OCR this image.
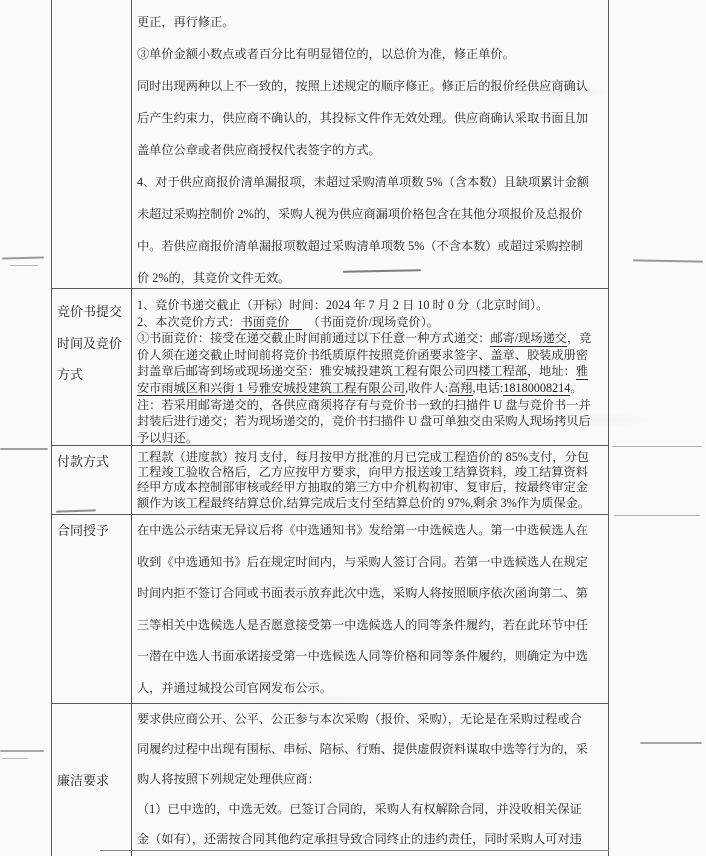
更正，再行修正。
③单价金额小数点或者百分比有明显错位的，以总价为准，修正单价。
同时出现两种以上不一致的，按照上述规定的顺序修正。修正后的报价经供应商确认
后产生约束力，供应商不确认的，其投标文件作无效处理。供应商确认采取书面且加
盖单位公章或者供应商授权代表签字的方式。
4、对于供应商报价清单漏报项，未超过采购清单项数 5%（含本数）且缺项累计金额
未超过采购控制价 2%的，采购人视为供应商漏项价格包含在其他分项报价及总报价
中。若供应商报价清单漏报项数超过采购清单项数 5%（不含本数）或超过采购控制
价 2%的，其竞价文件无效。
竞价书提交
时间及竞价
方式
1、竞价书递交截止（开标）时间：2024 年 7 月 2 日 10 时 0 分（北京时间）。
2、本次竞价方式：书面竞价　　（书面竞价/现场竞价）。
①书面竞价：接受在递交截止时间前通过以下任意一种方式递交：邮寄/现场递交，竞
价人须在递交截止时间前将竞价书纸质原件按照竞价函要求签字、盖章、胶装成册密
封盖章后邮寄到场或现场递交至：雅安城投建筑工程有限公司四楼工程部，地址：雅
安市雨城区和兴街 1 号雅安城投建筑工程有限公司,收件人:高翔,电话:18180008214。
注：若采用邮寄递交的，各供应商须将存有与竞价书一致的扫描件 U 盘与竞价书一并
封装后进行递交；若为现场递交的，竞价书扫描件 U 盘可单独交由采购人现场拷贝后
予以归还。
付款方式	工程款（进度款）按月支付，每月按甲方批准的月已完成工程造价的 85%支付，分包
工程竣工验收合格后，乙方应按甲方要求，向甲方报送竣工结算资料，竣工结算资料
经甲方成本控制部审核或经甲方抽取的第三方中介机构初审、复审后，按最终审定金
额作为该工程最终结算总价,结算完成后支付至结算总价的 97%,剩余 3%作为质保金。
合同授予	在中选公示结束无异议后将《中选通知书》发给第一中选候选人。第一中选候选人在
收到《中选通知书》后在规定时间内，与采购人签订合同。若第一中选候选人在规定
时间内拒不签订合同或书面表示放弃此次中选，采购人将按照顺序依次函询第二、第
三等相关中选候选人是否愿意接受第一中选候选人的同等条件履约，若在此环节中任
一潜在中选人书面承诺接受第一中选候选人同等价格和同等条件履约，则确定为中选
人，并通过城投公司官网发布公示。
廉洁要求
要求供应商公开、公平、公正参与本次采购（报价、采购），无论是在采购过程或合
同履约过程中出现有围标、串标、陪标、行贿、提供虚假资料谋取中选等行为的，采
购人将按照下列规定处理供应商：
（1）已中选的，中选无效。已签订合同的，采购人有权解除合同，并没收相关保证
金（如有），还需按合同其他约定承担导致合同终止的违约责任，同时采购人可对违
